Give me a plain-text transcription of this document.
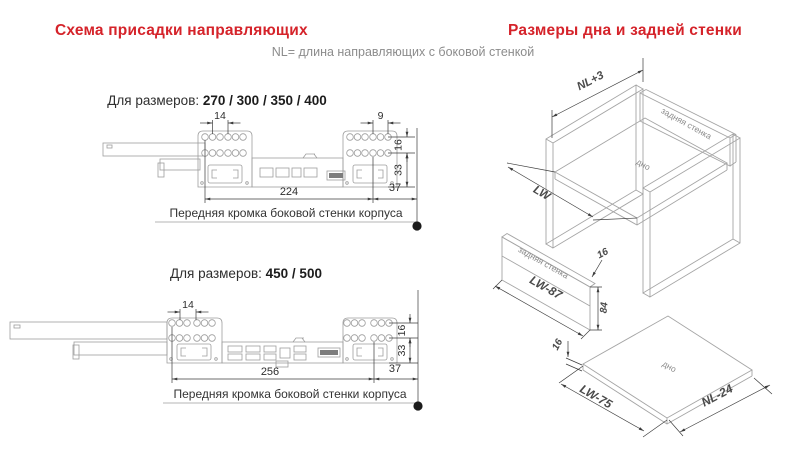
Схема присадки направляющих
NL= длина направляющих с боковой стенкой
Размеры дна и задней стенки
Для размеров: 270 / 300 / 350 / 400
14	9
16
33
224	37
Передняя кромка боковой стенки корпуса
Для размеров: 450 / 500
14
16
33
256	37
Передняя кромка боковой стенки корпуса
задняя стенка
дно
NL+3
LW
задняя стенка
LW-87
16
84
дно
LW-75	NL-24
16
